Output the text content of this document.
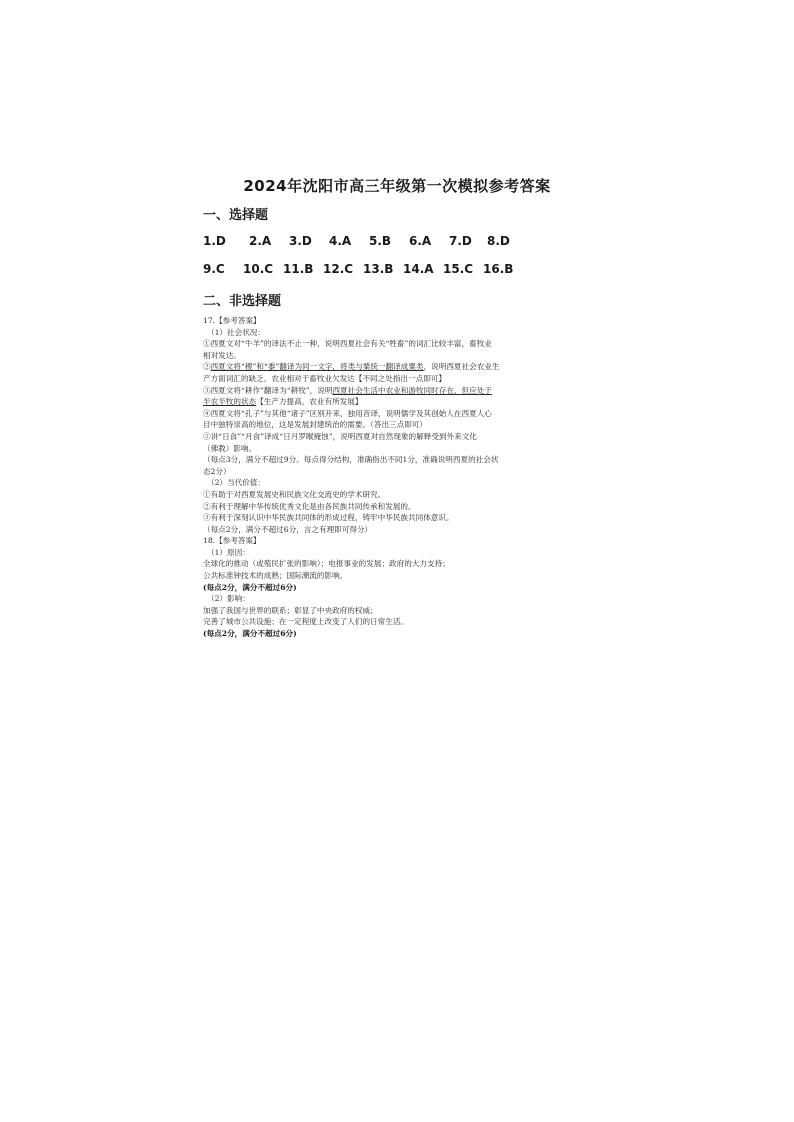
2024年沈阳市高三年级第一次模拟参考答案
一、选择题
1.D 2.A 3.D 4.A 5.B 6.A 7.D 8.D
9.C 10.C 11.B 12.C 13.B 14.A 15.C 16.B
二、非选择题

17.【参考答案】

（1）社会状况：

①西夏文对“牛羊”的译法不止一种，说明西夏社会有关“牲畜”的词汇比较丰富，畜牧业

相对发达。

②西夏文将“稷”和“黍”翻译为同一文字，将类与粟统一翻译成粟类，说明西夏社会农业生

产方面词汇的缺乏，农业相对于畜牧业欠发达【不同之处指出一点即可】

③西夏文将“耕作”翻译为“耕牧”，说明西夏社会生活中农业和游牧同时存在，但应处于

半农半牧的状态【生产力提高，农业有所发展】

④西夏文将“孔子”与其他“诸子”区别开来，独用音译，说明儒学及其创始人在西夏人心

目中独特崇高的地位，这是发展封建统治的需要。（答出三点即可）

⑤讲“日食”“月食”译成“日月罗睺掩蚀”，说明西夏对自然现象的解释受到外来文化

（佛教）影响。

（每点3分，满分不超过9分。每点得分结构，准确指出不同1分，准确说明西夏的社会状

态2分）

（2）当代价值：

①有助于对西夏发展史和民族文化交流史的学术研究。

②有利于理解中华传统优秀文化是由各民族共同传承和发展的。

③有利于深刻认识中华民族共同体的形成过程，铸牢中华民族共同体意识。

（每点2分，满分不超过6分，言之有理即可得分）

18.【参考答案】

（1）原因：

全球化的推动（或殖民扩张的影响）；电报事业的发展；政府的大力支持；

公共标准钟技术的成熟；国际潮流的影响。

(每点2分，满分不超过6分)

（2）影响：

加强了我国与世界的联系；彰显了中央政府的权威；

完善了城市公共设施；在一定程度上改变了人们的日常生活。

(每点2分，满分不超过6分)
